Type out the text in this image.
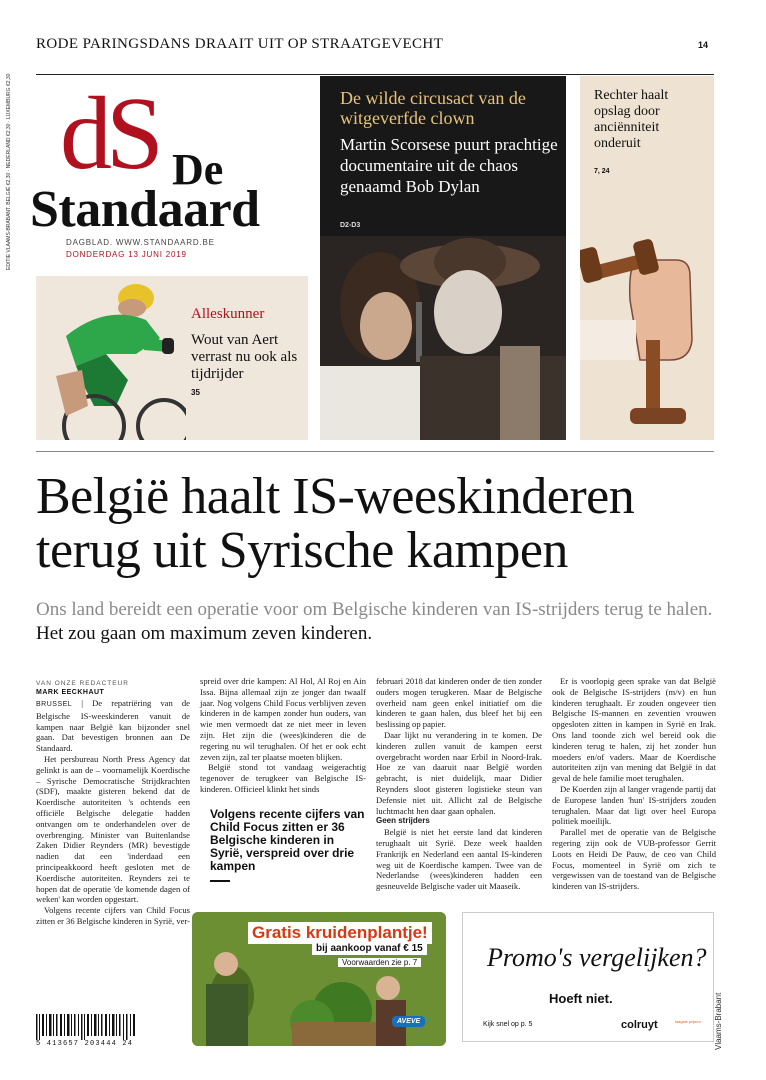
RODE PARINGSDANS DRAAIT UIT OP STRAATGEVECHT	14
EDITIE VLAAMS-BRABANT. BELGIË €2,30 · NEDERLAND €2,30 · LUXEMBURG €2,30 dS De
Standaard
DAGBLAD. WWW.STANDAARD.BE
DONDERDAG 13 JUNI 2019
Alleskunner
Wout van Aert verrast nu ook als tijdrijder
35
De wilde circusact van de witgeverfde clown
Martin Scorsese puurt prachtige documentaire uit de chaos genaamd Bob Dylan
D2-D3
Rechter haalt opslag door anciënniteit onderuit
7, 24
België haalt IS-weeskinderen terug uit Syrische kampen
Ons land bereidt een operatie voor om Belgische kinderen van IS-strijders terug te halen. Het zou gaan om maximum zeven kinderen.
VAN ONZE REDACTEUR
MARK EECKHAUT

BRUSSEL | De repatriëring van de Belgische IS-weeskinderen vanuit de kampen naar België kan bijzonder snel gaan. Dat bevestigen bronnen aan De Standaard.

Het persbureau North Press Agency dat gelinkt is aan de – voornamelijk Koerdische – Syrische Democratische Strijdkrachten (SDF), maakte gisteren bekend dat de Koerdische autoriteiten 's ochtends een officiële Belgische delegatie hadden ontvangen om te onderhandelen over de overbrenging. Minister van Buitenlandse Zaken Didier Reynders (MR) bevestigde nadien dat een 'inderdaad een principeakkoord heeft gesloten met de Koerdische autoriteiten. Reynders zei te hopen dat de operatie 'de komende dagen of weken' kan worden opgestart.

Volgens recente cijfers van Child Focus zitten er 36 Belgische kinderen in Syrië, ver-

spreid over drie kampen: Al Hol, Al Roj en Ain Issa. Bijna allemaal zijn ze jonger dan twaalf jaar. Nog volgens Child Focus verblijven zeven kinderen in de kampen zonder hun ouders, van wie men vermoedt dat ze niet meer in leven zijn. Het zijn die (wees)kinderen die de regering nu wil terughalen. Of het er ook echt zeven zijn, zal ter plaatse moeten blijken.

België stond tot vandaag weigerachtig tegenover de terugkeer van Belgische IS-kinderen. Officieel klinkt het sinds

Volgens recente cijfers van Child Focus zitten er 36 Belgische kinderen in Syrië, verspreid over drie kampen

februari 2018 dat kinderen onder de tien zonder ouders mogen terugkeren. Maar de Belgische overheid nam geen enkel initiatief om die kinderen te gaan halen, dus bleef het bij een beslissing op papier.

Daar lijkt nu verandering in te komen. De kinderen zullen vanuit de kampen eerst overgebracht worden naar Erbil in Noord-Irak. Hoe ze van daaruit naar België worden gebracht, is niet duidelijk, maar Didier Reynders sloot gisteren logistieke steun van Defensie niet uit. Allicht zal de Belgische luchtmacht hen daar gaan ophalen.

Geen strijders

België is niet het eerste land dat kinderen terughaalt uit Syrië. Deze week haalden Frankrijk en Nederland een aantal IS-kinderen weg uit de Koerdische kampen. Twee van de Nederlandse (wees)kinderen hadden een gesneuvelde Belgische vader uit Maaseik.

Er is voorlopig geen sprake van dat België ook de Belgische IS-strijders (m/v) en hun kinderen terughaalt. Er zouden ongeveer tien Belgische IS-mannen en zeventien vrouwen opgesloten zitten in kampen in Syrië en Irak. Ons land toonde zich wel bereid ook die kinderen terug te halen, zij het zonder hun moeders en/of vaders. Maar de Koerdische autoriteiten zijn van mening dat België in dat geval de hele familie moet terughalen.

De Koerden zijn al langer vragende partij dat de Europese landen 'hun' IS-strijders zouden terughalen. Maar dat ligt over heel Europa politiek moeilijk.

Parallel met de operatie van de Belgische regering zijn ook de VUB-professor Gerrit Loots en Heidi De Pauw, de ceo van Child Focus, momenteel in Syrië om zich te vergewissen van de toestand van de Belgische kinderen van IS-strijders.

Gratis kruidenplantje!
bij aankoop vanaf € 15
Voorwaarden zie p. 7
AVEVE
Promo's vergelijken?
Hoeft niet.
Kijk snel op p. 5	colruyt	laagste prijzen Vlaams-Brabant
5 413657 203444 24
